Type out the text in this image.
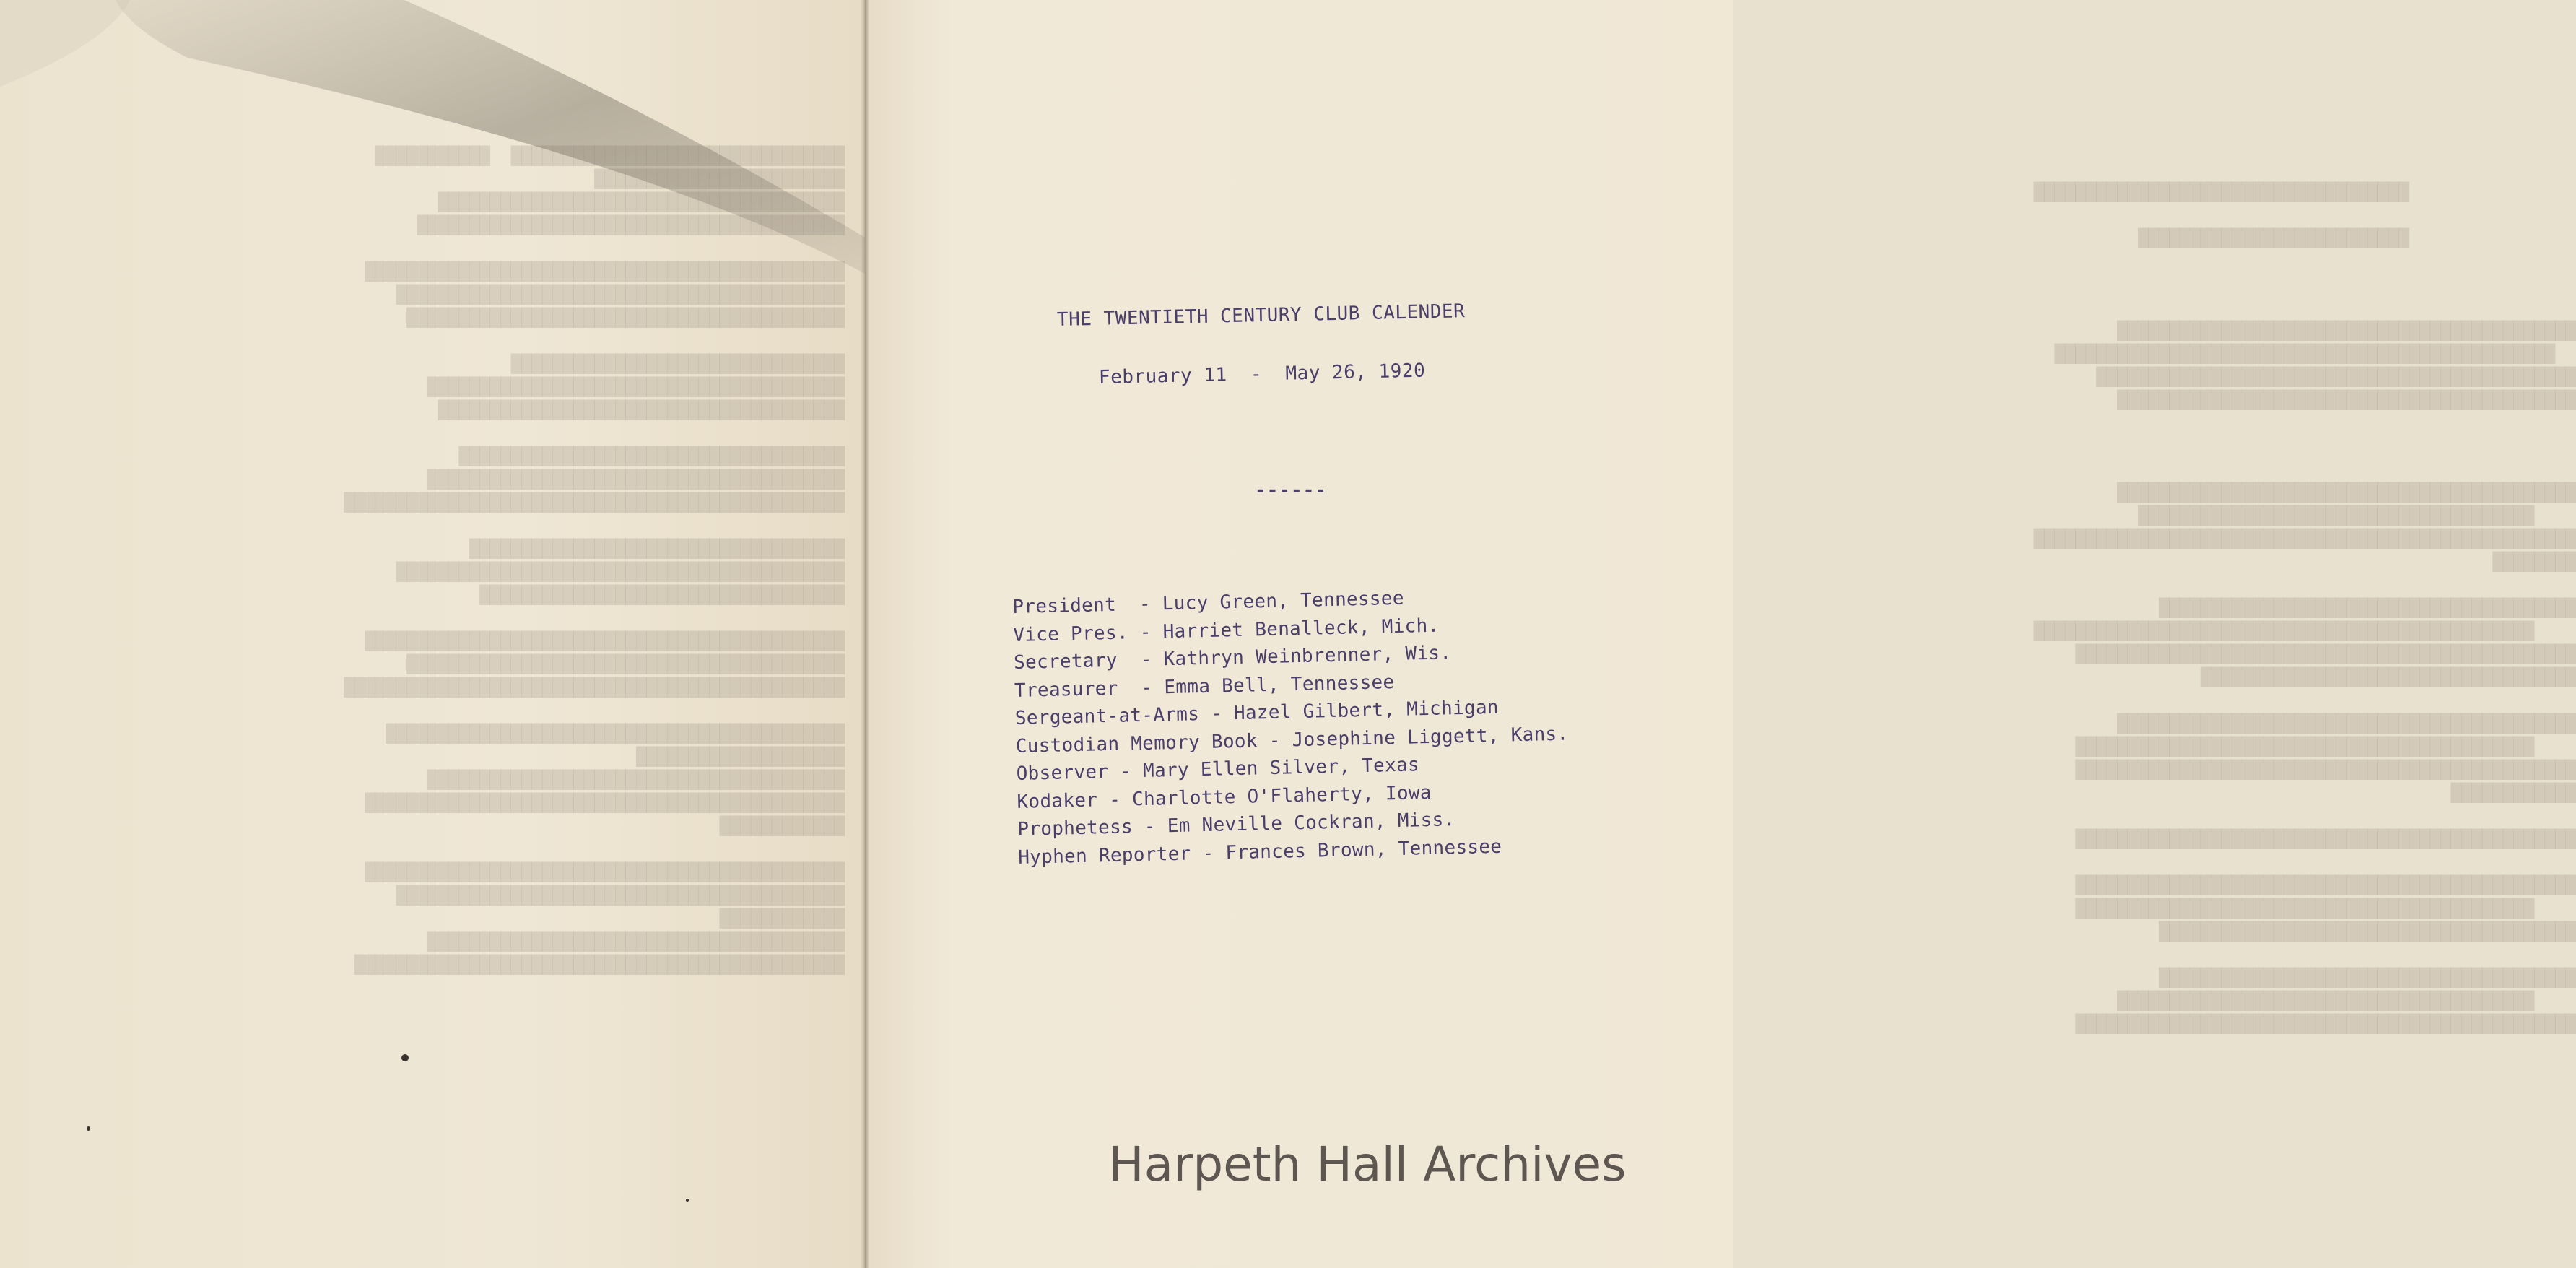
████████████████████████████████  ███████████
████████████████████████
███████████████████████████████████████
█████████████████████████████████████████

██████████████████████████████████████████████
███████████████████████████████████████████
██████████████████████████████████████████

████████████████████████████████
████████████████████████████████████████
███████████████████████████████████████

█████████████████████████████████████
████████████████████████████████████████
████████████████████████████████████████████████

████████████████████████████████████
███████████████████████████████████████████
███████████████████████████████████

██████████████████████████████████████████████
██████████████████████████████████████████
████████████████████████████████████████████████

████████████████████████████████████████████
████████████████████
████████████████████████████████████████
██████████████████████████████████████████████
████████████

██████████████████████████████████████████████
███████████████████████████████████████████
████████████
████████████████████████████████████████
███████████████████████████████████████████████
████████████████████████████████████

██████████████████████████

████████████████████████████████████████████
████████████████████████████████████████████████
██████████████████████████████████████████████
████████████████████████████████████████████

████████████████████████████████████████████
██████████████████████████████████████
████████████████████████████████████████████████████
████████

████████████████████████████████████████
████████████████████████████████████████████████
████████████████████████████████████████████████
████████████████████████████████████

████████████████████████████████████████████
████████████████████████████████████████████
████████████████████████████████████████████████
████████████

████████████████████████████████████████████████

████████████████████████████████████████████████
████████████████████████████████████████████
████████████████████████████████████████

████████████████████████████████████████
████████████████████████████████████████
████████████████████████████████████████████████
THE TWENTIETH CENTURY CLUB CALENDER
February 11  -  May 26, 1920
------
President  - Lucy Green, Tennessee
Vice Pres. - Harriet Benalleck, Mich.
Secretary  - Kathryn Weinbrenner, Wis.
Treasurer  - Emma Bell, Tennessee
Sergeant-at-Arms - Hazel Gilbert, Michigan
Custodian Memory Book - Josephine Liggett, Kans.
Observer - Mary Ellen Silver, Texas
Kodaker - Charlotte O'Flaherty, Iowa
Prophetess - Em Neville Cockran, Miss.
Hyphen Reporter - Frances Brown, Tennessee
Harpeth Hall Archives
